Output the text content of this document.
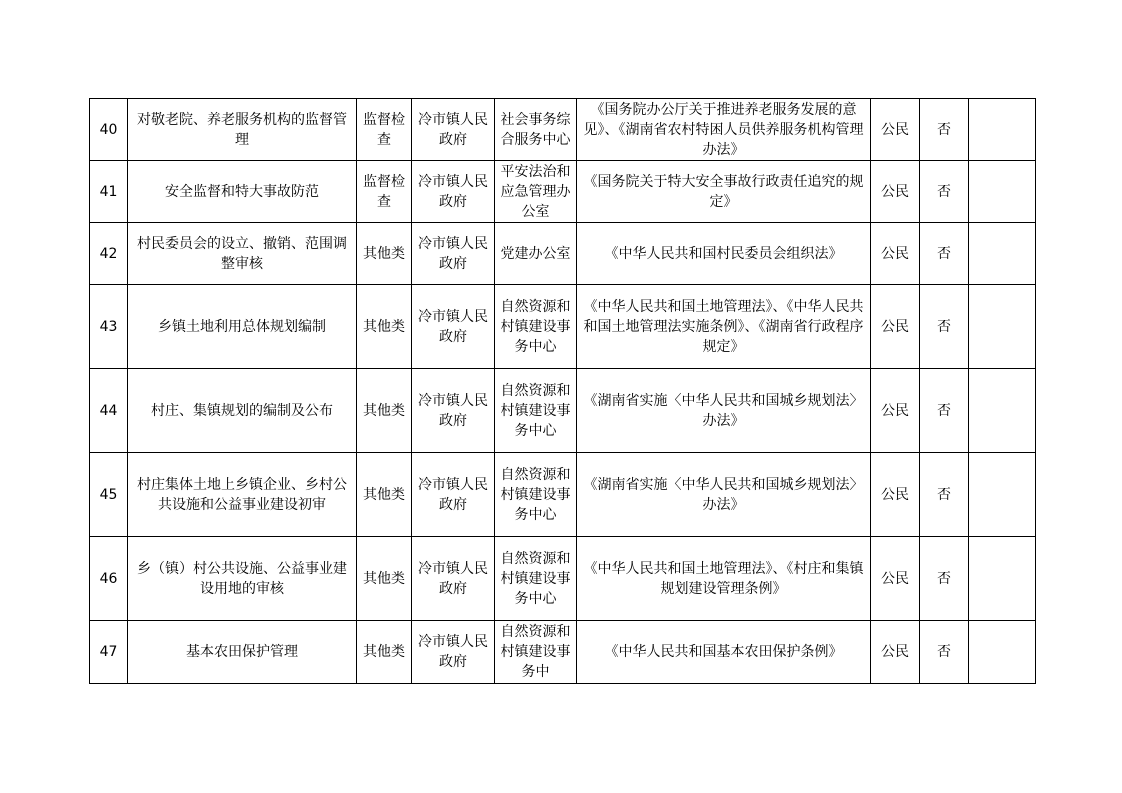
40	对敬老院、养老服务机构的监督管理	监督检查	冷市镇人民政府	社会事务综合服务中心	《国务院办公厅关于推进养老服务发展的意见》、《湖南省农村特困人员供养服务机构管理办法》	公民	否	
41	安全监督和特大事故防范	监督检查	冷市镇人民政府	平安法治和应急管理办公室	《国务院关于特大安全事故行政责任追究的规定》	公民	否	
42	村民委员会的设立、撤销、范围调整审核	其他类	冷市镇人民政府	党建办公室	《中华人民共和国村民委员会组织法》	公民	否	
43	乡镇土地利用总体规划编制	其他类	冷市镇人民政府	自然资源和村镇建设事务中心	《中华人民共和国土地管理法》、《中华人民共和国土地管理法实施条例》、《湖南省行政程序规定》	公民	否	
44	村庄、集镇规划的编制及公布	其他类	冷市镇人民政府	自然资源和村镇建设事务中心	《湖南省实施〈中华人民共和国城乡规划法〉办法》	公民	否	
45	村庄集体土地上乡镇企业、乡村公共设施和公益事业建设初审	其他类	冷市镇人民政府	自然资源和村镇建设事务中心	《湖南省实施〈中华人民共和国城乡规划法〉办法》	公民	否	
46	乡（镇）村公共设施、公益事业建设用地的审核	其他类	冷市镇人民政府	自然资源和村镇建设事务中心	《中华人民共和国土地管理法》、《村庄和集镇规划建设管理条例》	公民	否	
47	基本农田保护管理	其他类	冷市镇人民政府	自然资源和村镇建设事务中	《中华人民共和国基本农田保护条例》	公民	否	
